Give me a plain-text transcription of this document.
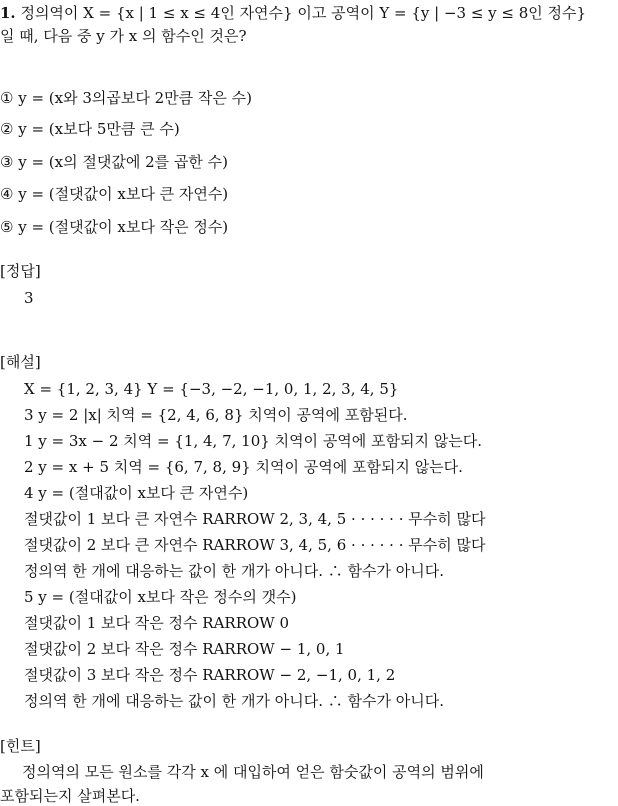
1. 정의역이 X = {x | 1 ≤ x ≤ 4인 자연수} 이고 공역이 Y = {y | −3 ≤ y ≤ 8인 정수}
일 때, 다음 중 y 가 x 의 함수인 것은?
① y = (x와 3의곱보다 2만큼 작은 수)
② y = (x보다 5만큼 큰 수)
③ y = (x의 절댓값에 2를 곱한 수)
④ y = (절댓값이 x보다 큰 자연수)
⑤ y = (절댓값이 x보다 작은 정수)
[정답]
3
[해설]
X = {1, 2, 3, 4} Y = {−3, −2, −1, 0, 1, 2, 3, 4, 5}
3 y = 2 |x| 치역 = {2, 4, 6, 8} 치역이 공역에 포함된다.
1 y = 3x − 2 치역 = {1, 4, 7, 10} 치역이 공역에 포함되지 않는다.
2 y = x + 5 치역 = {6, 7, 8, 9} 치역이 공역에 포함되지 않는다.
4 y = (절대값이 x보다 큰 자연수)
절댓값이 1 보다 큰 자연수 RARROW 2, 3, 4, 5 · · · · · · 무수히 많다
절댓값이 2 보다 큰 자연수 RARROW 3, 4, 5, 6 · · · · · · 무수히 많다
정의역 한 개에 대응하는 값이 한 개가 아니다. ∴ 함수가 아니다.
5 y = (절대값이 x보다 작은 정수의 갯수)
절댓값이 1 보다 작은 정수 RARROW 0
절댓값이 2 보다 작은 정수 RARROW − 1, 0, 1
절댓값이 3 보다 작은 정수 RARROW − 2, −1, 0, 1, 2
정의역 한 개에 대응하는 값이 한 개가 아니다. ∴ 함수가 아니다.
[힌트]
정의역의 모든 원소를 각각 x 에 대입하여 얻은 함숫값이 공역의 범위에
포함되는지 살펴본다.
